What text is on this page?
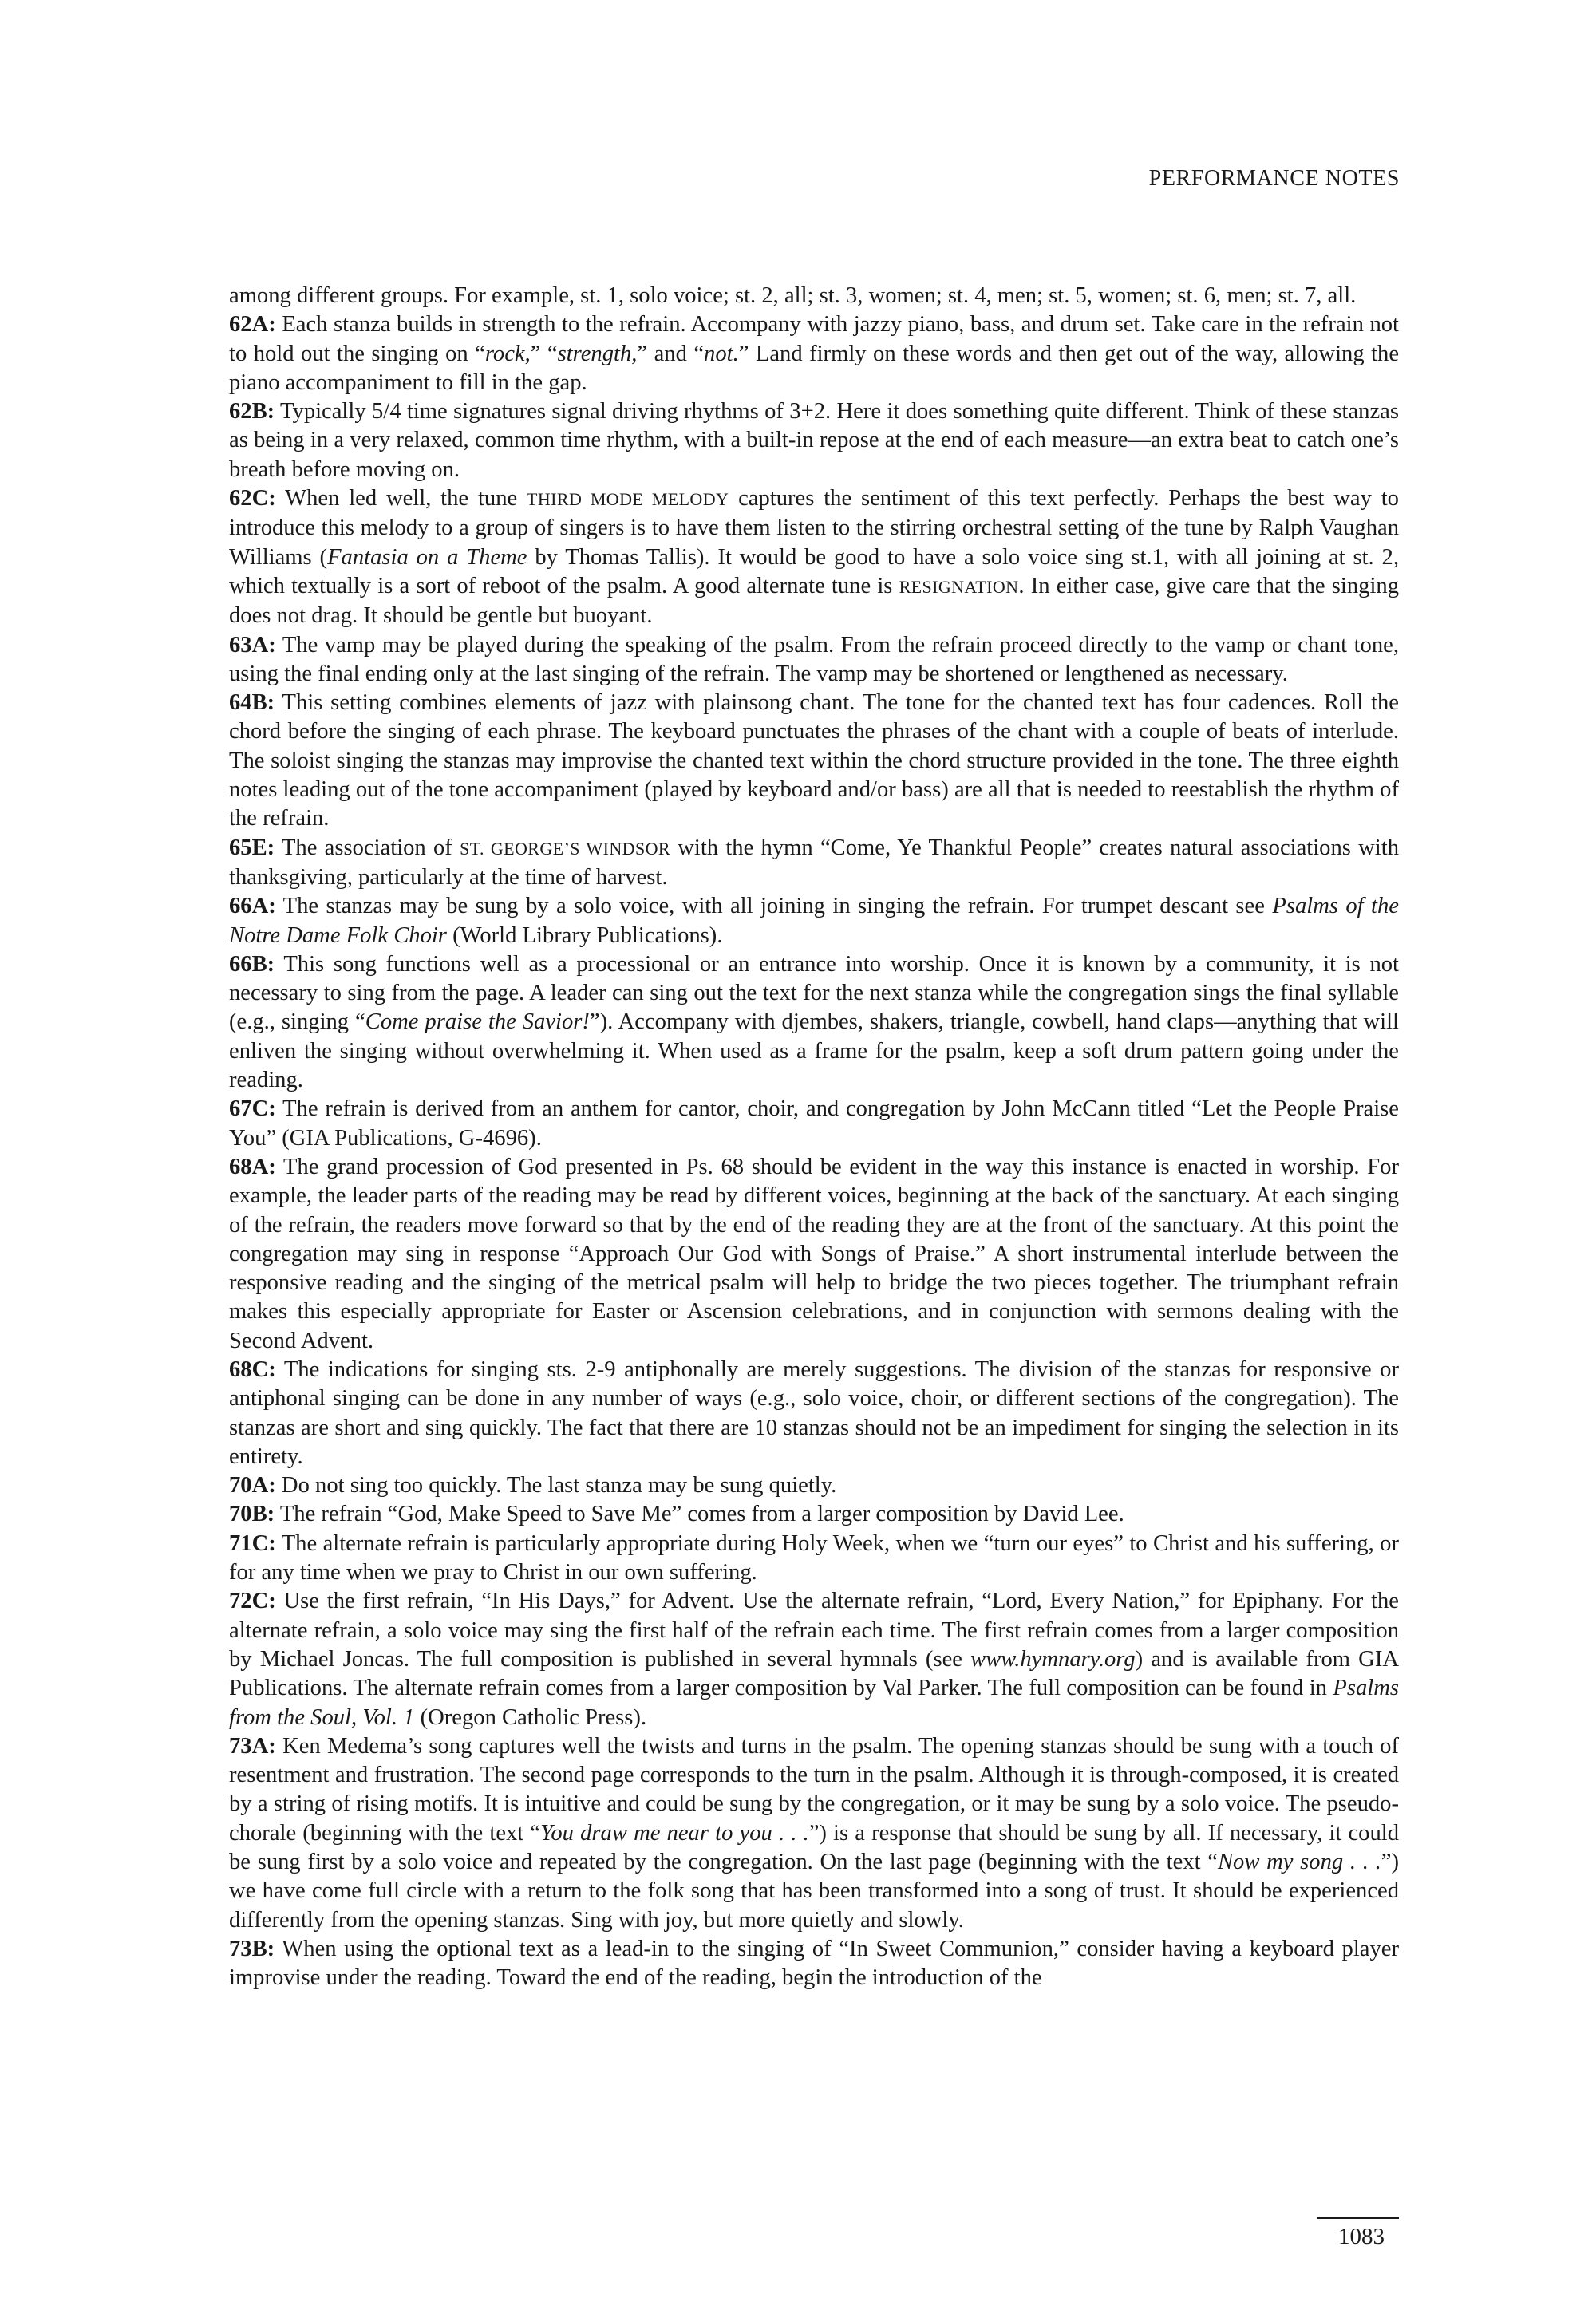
PERFORMANCE NOTES

among different groups. For example, st. 1, solo voice; st. 2, all; st. 3, women; st. 4, men; st. 5, women; st. 6, men; st. 7, all.

62A: Each stanza builds in strength to the refrain. Accompany with jazzy piano, bass, and drum set. Take care in the refrain not to hold out the singing on “rock,” “strength,” and “not.” Land firmly on these words and then get out of the way, allowing the piano accompaniment to fill in the gap.

62B: Typically 5/4 time signatures signal driving rhythms of 3+2. Here it does something quite different. Think of these stanzas as being in a very relaxed, common time rhythm, with a built-in repose at the end of each measure—an extra beat to catch one’s breath before moving on.

62C: When led well, the tune THIRD MODE MELODY captures the sentiment of this text perfectly. Perhaps the best way to introduce this melody to a group of singers is to have them listen to the stirring orchestral setting of the tune by Ralph Vaughan Williams (Fantasia on a Theme by Thomas Tallis). It would be good to have a solo voice sing st.1, with all joining at st. 2, which textually is a sort of reboot of the psalm. A good alternate tune is RESIGNATION. In either case, give care that the singing does not drag. It should be gentle but buoyant.

63A: The vamp may be played during the speaking of the psalm. From the refrain proceed directly to the vamp or chant tone, using the final ending only at the last singing of the refrain. The vamp may be shortened or lengthened as necessary.

64B: This setting combines elements of jazz with plainsong chant. The tone for the chanted text has four cadences. Roll the chord before the singing of each phrase. The keyboard punctuates the phrases of the chant with a couple of beats of interlude. The soloist singing the stanzas may improvise the chanted text within the chord structure provided in the tone. The three eighth notes leading out of the tone accompaniment (played by keyboard and/or bass) are all that is needed to reestablish the rhythm of the refrain.

65E: The association of ST. GEORGE’S WINDSOR with the hymn “Come, Ye Thankful People” creates natural associations with thanksgiving, particularly at the time of harvest.

66A: The stanzas may be sung by a solo voice, with all joining in singing the refrain. For trumpet descant see Psalms of the Notre Dame Folk Choir (World Library Publications).

66B: This song functions well as a processional or an entrance into worship. Once it is known by a community, it is not necessary to sing from the page. A leader can sing out the text for the next stanza while the congregation sings the final syllable (e.g., singing “Come praise the Savior!”). Accompany with djembes, shakers, triangle, cowbell, hand claps—anything that will enliven the singing without overwhelming it. When used as a frame for the psalm, keep a soft drum pattern going under the reading.

67C: The refrain is derived from an anthem for cantor, choir, and congregation by John McCann titled “Let the People Praise You” (GIA Publications, G-4696).

68A: The grand procession of God presented in Ps. 68 should be evident in the way this instance is enacted in worship. For example, the leader parts of the reading may be read by different voices, beginning at the back of the sanctuary. At each singing of the refrain, the readers move forward so that by the end of the reading they are at the front of the sanctuary. At this point the congregation may sing in response “Approach Our God with Songs of Praise.” A short instrumental interlude between the responsive reading and the singing of the metrical psalm will help to bridge the two pieces together. The triumphant refrain makes this especially appropriate for Easter or Ascension celebrations, and in conjunction with sermons dealing with the Second Advent.

68C: The indications for singing sts. 2-9 antiphonally are merely suggestions. The division of the stanzas for responsive or antiphonal singing can be done in any number of ways (e.g., solo voice, choir, or different sections of the congregation). The stanzas are short and sing quickly. The fact that there are 10 stanzas should not be an impediment for singing the selection in its entirety.

70A: Do not sing too quickly. The last stanza may be sung quietly.

70B: The refrain “God, Make Speed to Save Me” comes from a larger composition by David Lee.

71C: The alternate refrain is particularly appropriate during Holy Week, when we “turn our eyes” to Christ and his suffering, or for any time when we pray to Christ in our own suffering.

72C: Use the first refrain, “In His Days,” for Advent. Use the alternate refrain, “Lord, Every Nation,” for Epiphany. For the alternate refrain, a solo voice may sing the first half of the refrain each time. The first refrain comes from a larger composition by Michael Joncas. The full composition is published in several hymnals (see www.hymnary.org) and is available from GIA Publications. The alternate refrain comes from a larger composition by Val Parker. The full composition can be found in Psalms from the Soul, Vol. 1 (Oregon Catholic Press).

73A: Ken Medema’s song captures well the twists and turns in the psalm. The opening stanzas should be sung with a touch of resentment and frustration. The second page corresponds to the turn in the psalm. Although it is through-composed, it is created by a string of rising motifs. It is intuitive and could be sung by the congregation, or it may be sung by a solo voice. The pseudo-chorale (beginning with the text “You draw me near to you . . .”) is a response that should be sung by all. If necessary, it could be sung first by a solo voice and repeated by the congregation. On the last page (beginning with the text “Now my song . . .”) we have come full circle with a return to the folk song that has been transformed into a song of trust. It should be experienced differently from the opening stanzas. Sing with joy, but more quietly and slowly.

73B: When using the optional text as a lead-in to the singing of “In Sweet Communion,” consider having a keyboard player improvise under the reading. Toward the end of the reading, begin the introduction of the

1083
